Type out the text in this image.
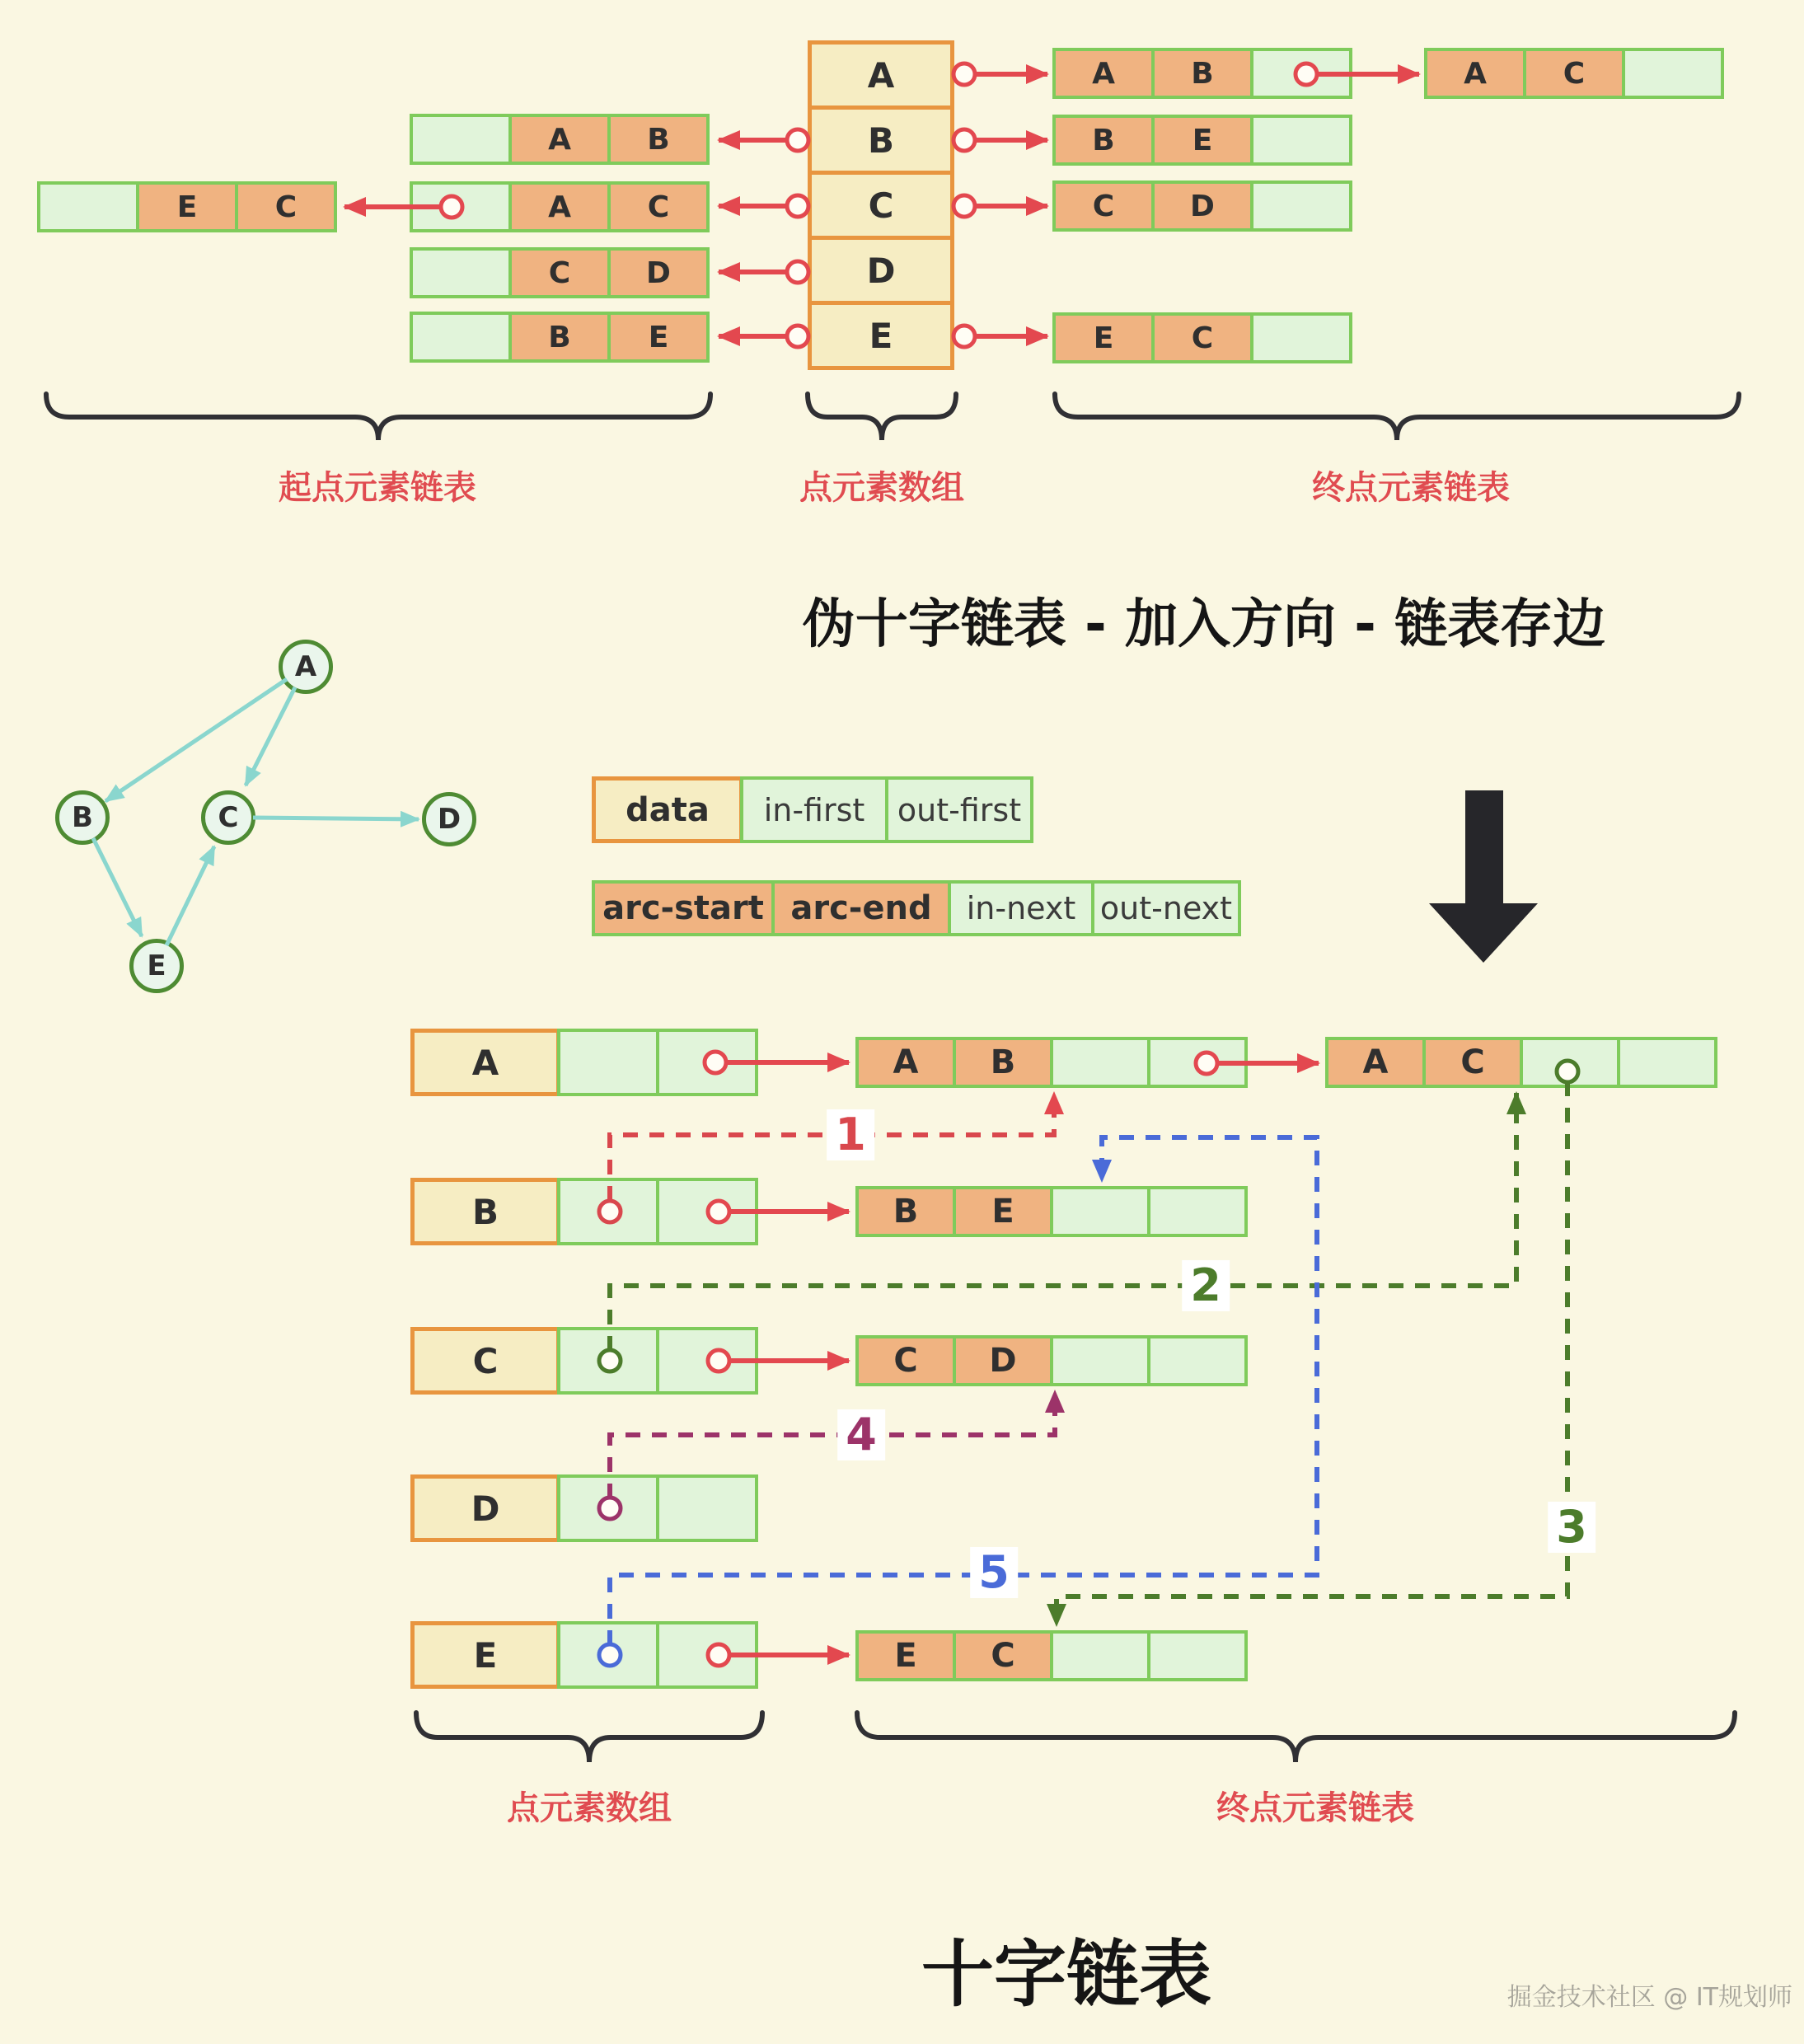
A
B
C
D
E
A	B
A	C
E	C
C	D
B	E
A	B	A	C
B	E
C	D
E	C
A
B	C	D
E
data	in-first	out-first
arc-start arc-end	in-next out-next
A
B
C
D
E
A	B	A	C
B	E
C	D
E	C
起点元素链表	点元素数组	终点元素链表
伪十字链表 - 加入方向 - 链表存边
1
2
3
4
5
点元素数组	终点元素链表
十字链表	掘金技术社区 @ IT规划师
